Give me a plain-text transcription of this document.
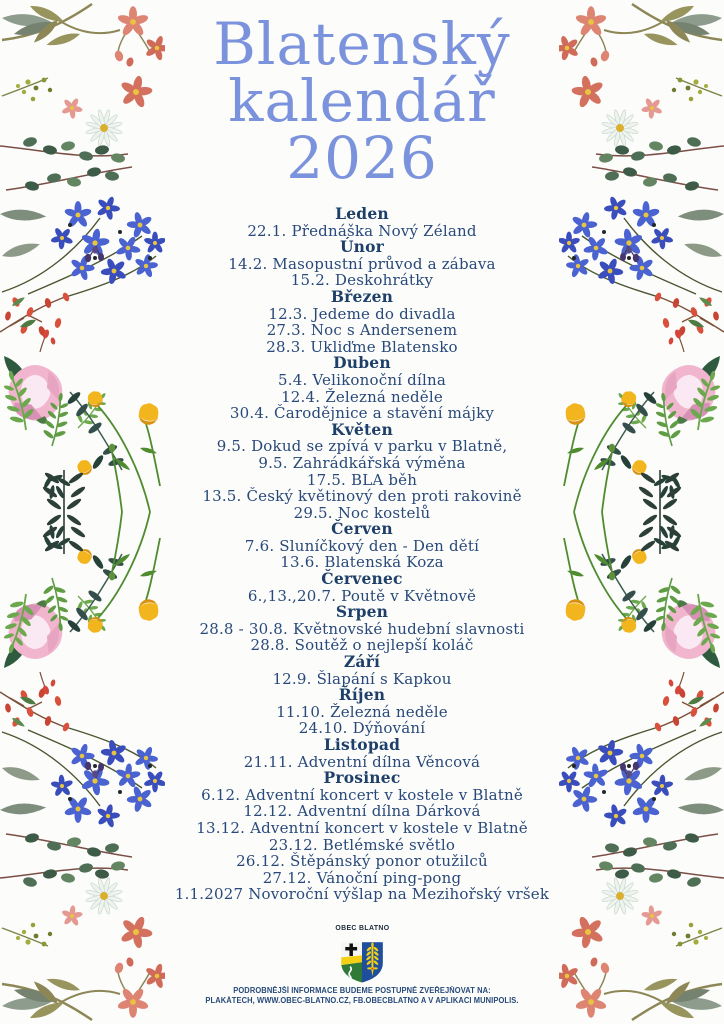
Blatenský
kalendář
2026
Leden
22.1. Přednáška Nový Zéland
Únor
14.2. Masopustní průvod a zábava
15.2. Deskohrátky
Březen
12.3. Jedeme do divadla
27.3. Noc s Andersenem
28.3. Ukliďme Blatensko
Duben
5.4. Velikonoční dílna
12.4. Železná neděle
30.4. Čarodějnice a stavění májky
Květen
9.5. Dokud se zpívá v parku v Blatně,
9.5. Zahrádkářská výměna
17.5. BLA běh
13.5. Český květinový den proti rakovině
29.5. Noc kostelů
Červen
7.6. Sluníčkový den - Den dětí
13.6. Blatenská Koza
Červenec
6.,13.,20.7. Poutě v Květnově
Srpen
28.8 - 30.8. Květnovské hudební slavnosti
28.8. Soutěž o nejlepší koláč
Září
12.9. Šlapání s Kapkou
Říjen
11.10. Železná neděle
24.10. Dýňování
Listopad
21.11. Adventní dílna Věncová
Prosinec
6.12. Adventní koncert v kostele v Blatně
12.12. Adventní dílna Dárková
13.12. Adventní koncert v kostele v Blatně
23.12. Betlémské světlo
26.12. Štěpánský ponor otužilců
27.12. Vánoční ping-pong
1.1.2027 Novoroční výšlap na Mezihořský vršek
OBEC BLATNO
PODROBNĚJŠÍ INFORMACE BUDEME POSTUPNĚ ZVEŘEJŇOVAT NA:
PLAKÁTECH, WWW.OBEC-BLATNO.CZ, FB.OBECBLATNO A V APLIKACI MUNIPOLIS.
